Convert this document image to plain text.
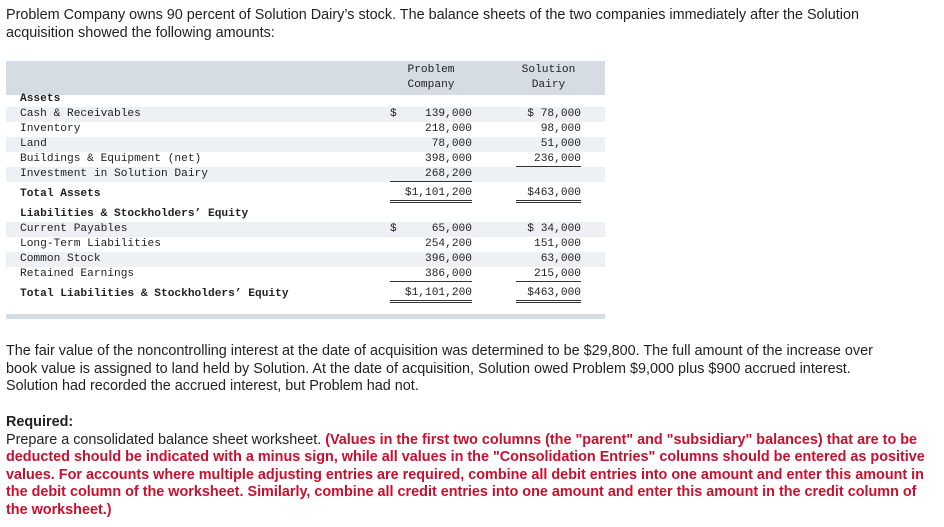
Problem Company owns 90 percent of Solution Dairy’s stock. The balance sheets of the two companies immediately after the Solution acquisition showed the following amounts:

Problem
Company
Solution
Dairy
Assets
Cash & Receivables	$	139,000	$ 78,000
Inventory	218,000	98,000
Land	78,000	51,000
Buildings & Equipment (net)	398,000	236,000
Investment in Solution Dairy	268,200
Total Assets	$1,101,200	$463,000
Liabilities & Stockholders’ Equity
Current Payables	$	65,000	$ 34,000
Long-Term Liabilities	254,200	151,000
Common Stock	396,000	63,000
Retained Earnings	386,000	215,000
Total Liabilities & Stockholders’ Equity	$1,101,200	$463,000

The fair value of the noncontrolling interest at the date of acquisition was determined to be $29,800. The full amount of the increase over book value is assigned to land held by Solution. At the date of acquisition, Solution owed Problem $9,000 plus $900 accrued interest. Solution had recorded the accrued interest, but Problem had not.

Required:

Prepare a consolidated balance sheet worksheet. (Values in the first two columns (the "parent" and "subsidiary" balances) that are to be deducted should be indicated with a minus sign, while all values in the "Consolidation Entries" columns should be entered as positive values. For accounts where multiple adjusting entries are required, combine all debit entries into one amount and enter this amount in the debit column of the worksheet. Similarly, combine all credit entries into one amount and enter this amount in the credit column of the worksheet.)
